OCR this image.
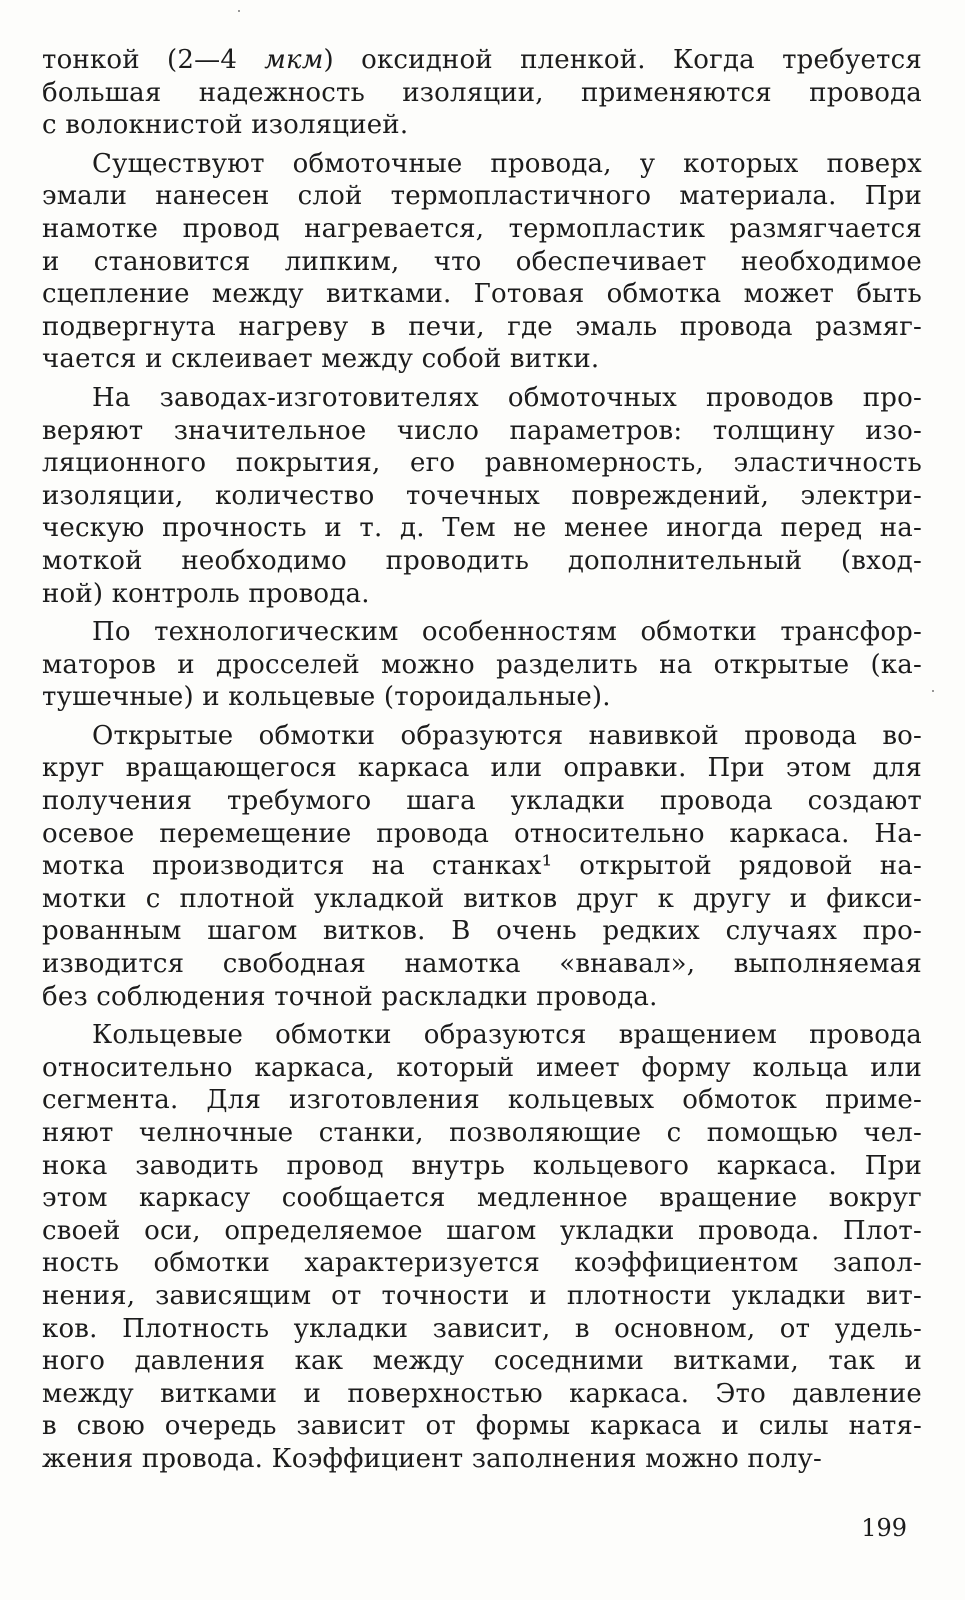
тонкой (2—4 мкм) оксидной пленкой. Когда требуется
большая надежность изоляции, применяются провода
с волокнистой изоляцией.
Существуют обмоточные провода, у которых поверх
эмали нанесен слой термопластичного материала. При
намотке провод нагревается, термопластик размягчается
и становится липким, что обеспечивает необходимое
сцепление между витками. Готовая обмотка может быть
подвергнута нагреву в печи, где эмаль провода размяг-
чается и склеивает между собой витки.
На заводах-изготовителях обмоточных проводов про-
веряют значительное число параметров: толщину изо-
ляционного покрытия, его равномерность, эластичность
изоляции, количество точечных повреждений, электри-
ческую прочность и т. д. Тем не менее иногда перед на-
моткой необходимо проводить дополнительный (вход-
ной) контроль провода.
По технологическим особенностям обмотки трансфор-
маторов и дросселей можно разделить на открытые (ка-
тушечные) и кольцевые (тороидальные).
Открытые обмотки образуются навивкой провода во-
круг вращающегося каркаса или оправки. При этом для
получения требумого шага укладки провода создают
осевое перемещение провода относительно каркаса. На-
мотка производится на станках¹ открытой рядовой на-
мотки с плотной укладкой витков друг к другу и фикси-
рованным шагом витков. В очень редких случаях про-
изводится свободная намотка «внавал», выполняемая
без соблюдения точной раскладки провода.
Кольцевые обмотки образуются вращением провода
относительно каркаса, который имеет форму кольца или
сегмента. Для изготовления кольцевых обмоток приме-
няют челночные станки, позволяющие с помощью чел-
нока заводить провод внутрь кольцевого каркаса. При
этом каркасу сообщается медленное вращение вокруг
своей оси, определяемое шагом укладки провода. Плот-
ность обмотки характеризуется коэффициентом запол-
нения, зависящим от точности и плотности укладки вит-
ков. Плотность укладки зависит, в основном, от удель-
ного давления как между соседними витками, так и
между витками и поверхностью каркаса. Это давление
в свою очередь зависит от формы каркаса и силы натя-
жения провода. Коэффициент заполнения можно полу-
199
